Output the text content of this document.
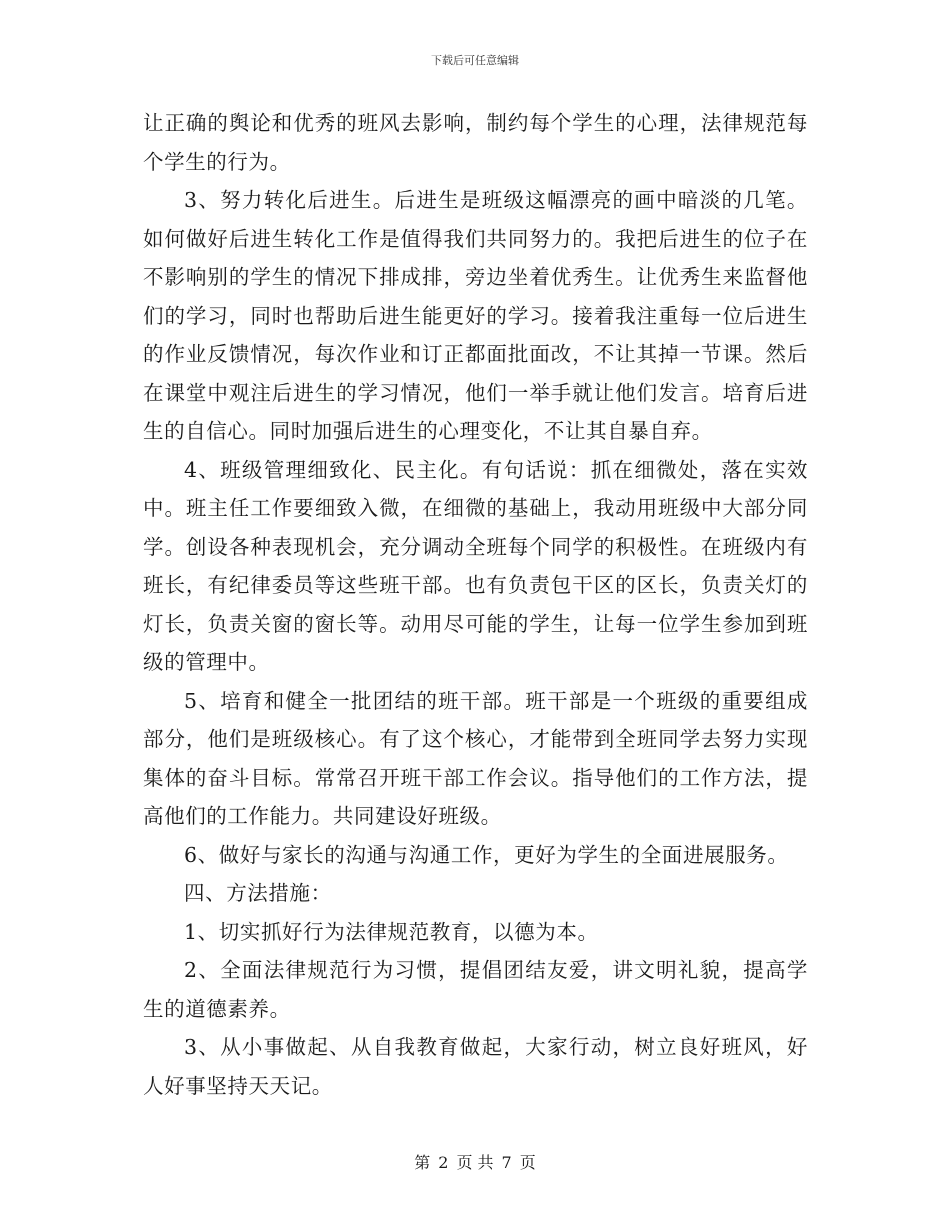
下载后可任意编辑

让正确的舆论和优秀的班风去影响，制约每个学生的心理，法律规范每个学生的行为。

3、努力转化后进生。后进生是班级这幅漂亮的画中暗淡的几笔。如何做好后进生转化工作是值得我们共同努力的。我把后进生的位子在不影响别的学生的情况下排成排，旁边坐着优秀生。让优秀生来监督他们的学习，同时也帮助后进生能更好的学习。接着我注重每一位后进生的作业反馈情况，每次作业和订正都面批面改，不让其掉一节课。然后在课堂中观注后进生的学习情况，他们一举手就让他们发言。培育后进生的自信心。同时加强后进生的心理变化，不让其自暴自弃。

4、班级管理细致化、民主化。有句话说：抓在细微处，落在实效中。班主任工作要细致入微，在细微的基础上，我动用班级中大部分同学。创设各种表现机会，充分调动全班每个同学的积极性。在班级内有班长，有纪律委员等这些班干部。也有负责包干区的区长，负责关灯的灯长，负责关窗的窗长等。动用尽可能的学生，让每一位学生参加到班级的管理中。

5、培育和健全一批团结的班干部。班干部是一个班级的重要组成部分，他们是班级核心。有了这个核心，才能带到全班同学去努力实现集体的奋斗目标。常常召开班干部工作会议。指导他们的工作方法，提高他们的工作能力。共同建设好班级。

6、做好与家长的沟通与沟通工作，更好为学生的全面进展服务。

四、方法措施：

1、切实抓好行为法律规范教育，以德为本。

2、全面法律规范行为习惯，提倡团结友爱，讲文明礼貌，提高学生的道德素养。

3、从小事做起、从自我教育做起，大家行动，树立良好班风，好人好事坚持天天记。

第 2 页 共 7 页
